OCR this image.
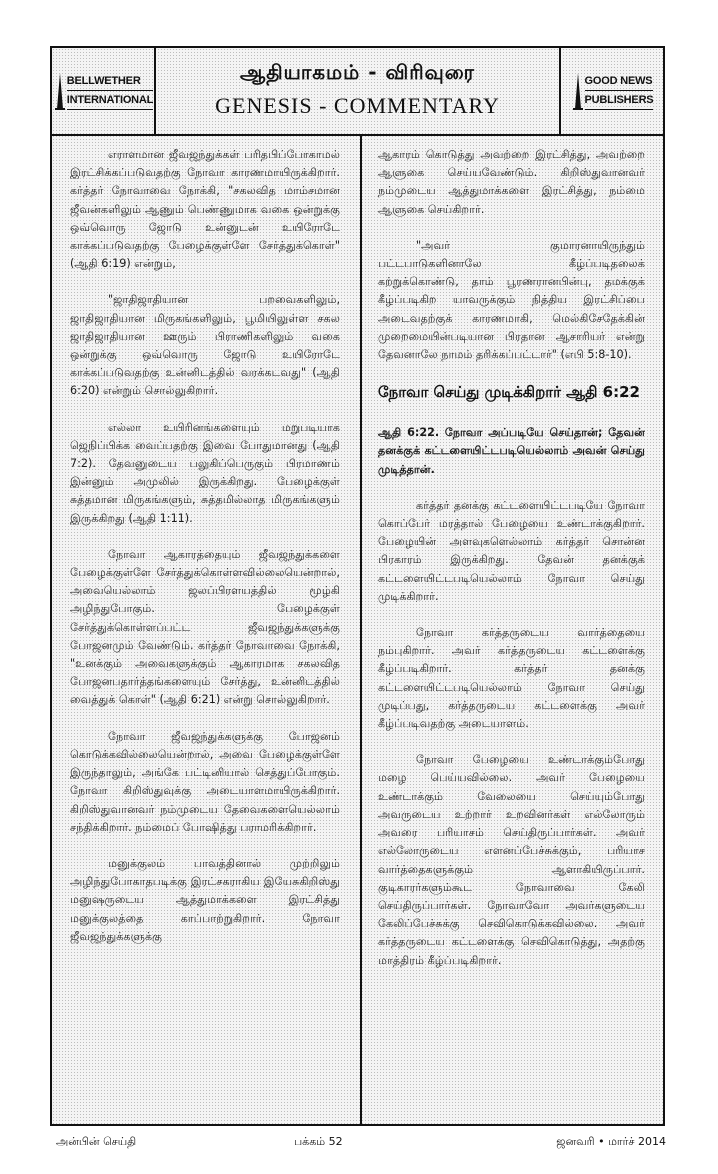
BELLWETHER
INTERNATIONAL
ஆதியாகமம் - விரிவுரை
GENESIS - COMMENTARY
GOOD NEWS
PUBLISHERS

எராளமான ஜீவஜந்துக்கள் பரிதபிப்போகாமல் இரட்சிக்கப்படுவதற்கு நோவா காரணமாயிருக்கிறார். கர்த்தர் நோவாவை நோக்கி, "சகலவித மாம்சமான ஜீவன்களிலும் ஆணும் பெண்ணுமாக வகை ஒன்றுக்கு ஒவ்வொரு ஜோடு உன்னுடன் உயிரோடே காக்கப்படுவதற்கு பேழைக்குள்ளே சேர்த்துக்கொள்" (ஆதி 6:19) என்றும்,

"ஜாதிஜாதியான பறவைகளிலும், ஜாதிஜாதியான மிருகங்களிலும், பூமியிலுள்ள சகல ஜாதிஜாதியான ஊரும் பிராணிகளிலும் வகை ஒன்றுக்கு ஒவ்வொரு ஜோடு உயிரோடே காக்கப்படுவதற்கு உன்னிடத்தில் வரக்கடவது" (ஆதி 6:20) என்றும் சொல்லுகிறார்.

எல்லா உயிரினங்களையும் மறுபடியாக ஜெநிப்பிக்க வைப்பதற்கு இவை போதுமானது (ஆதி 7:2). தேவனுடைய பலுகிப்பெருகும் பிரமாணம் இன்னும் அமுலில் இருக்கிறது. பேழைக்குள் சுத்தமான மிருகங்களும், சுத்தமில்லாத மிருகங்களும் இருக்கிறது (ஆதி 1:11).

நோவா ஆகாரத்தையும் ஜீவஜந்துக்களை பேழைக்குள்ளே சேர்த்துக்கொள்ளவில்லையென்றால், அவையெல்லாம் ஜலப்பிரளயத்தில் மூழ்கி அழிந்துபோகும். பேழைக்குள் சேர்த்துக்கொள்ளப்பட்ட ஜீவஜந்துக்களுக்கு போஜனமும் வேண்டும். கர்த்தர் நோவாவை நோக்கி, "உனக்கும் அவைகளுக்கும் ஆகாரமாக சகலவித போஜனபதார்த்தங்களையும் சேர்த்து, உன்னிடத்தில் வைத்துக் கொள்" (ஆதி 6:21) என்று சொல்லுகிறார்.

நோவா ஜீவஜந்துக்களுக்கு போஜனம் கொடுக்கவில்லையென்றால், அவை பேழைக்குள்ளே இருந்தாலும், அங்கே பட்டினியால் செத்துப்போகும். நோவா கிறிஸ்துவுக்கு அடையாளமாயிருக்கிறார். கிறிஸ்துவானவர் நம்முடைய தேவைகளையெல்லாம் சந்திக்கிறார். நம்மைப் போஷித்து பராமரிக்கிறார்.

மனுக்குலம் பாவத்தினால் முற்றிலும் அழிந்துபோகாதபடிக்கு இரட்சகராகிய இயேசுகிறிஸ்து மனுஷருடைய ஆத்துமாக்களை இரட்சித்து மனுக்குலத்தை காப்பாற்றுகிறார். நோவா ஜீவஜந்துக்களுக்கு

ஆகாரம் கொடுத்து அவற்றை இரட்சித்து, அவற்றை ஆளுகை செய்யவேண்டும். கிறிஸ்துவானவர் நம்முடைய ஆத்துமாக்களை இரட்சித்து, நம்மை ஆளுகை செய்கிறார்.

"அவர் குமாரனாயிருந்தும் பட்டபாடுகளினாலே கீழ்ப்படிதலைக் கற்றுக்கொண்டு, தாம் பூரணரானபின்பு, தமக்குக் கீழ்ப்படிகிற யாவருக்கும் நித்திய இரட்சிப்பை அடைவதற்குக் காரணமாகி, மெல்கிசேதேக்கின் முறைமையின்படியான பிரதான ஆசாரியர் என்று தேவனாலே நாமம் தரிக்கப்பட்டார்" (எபி 5:8-10).

நோவா செய்து முடிக்கிறார் ஆதி 6:22

ஆதி 6:22. நோவா அப்படியே செய்தான்; தேவன் தனக்குக் கட்டளையிட்டபடியெல்லாம் அவன் செய்து முடித்தான்.

கர்த்தர் தனக்கு கட்டளையிட்டபடியே நோவா கொப்பேர் மரத்தால் பேழையை உண்டாக்குகிறார். பேழையின் அளவுகளெல்லாம் கர்த்தர் சொன்ன பிரகாரம் இருக்கிறது. தேவன் தனக்குக் கட்டளையிட்டபடியெல்லாம் நோவா செய்து முடிக்கிறார்.

நோவா கர்த்தருடைய வார்த்தையை நம்புகிறார். அவர் கர்த்தருடைய கட்டளைக்கு கீழ்ப்படிகிறார். கர்த்தர் தனக்கு கட்டளையிட்டபடியெல்லாம் நோவா செய்து முடிப்பது, கர்த்தருடைய கட்டளைக்கு அவர் கீழ்ப்படிவதற்கு அடையாளம்.

நோவா பேழையை உண்டாக்கும்போது மழை பெய்யவில்லை. அவர் பேழையை உண்டாக்கும் வேலையை செய்யும்போது அவருடைய உற்றார் உறவினர்கள் எல்லோரும் அவரை பரியாசம் செய்திருப்பார்கள். அவர் எல்லோருடைய எளனப்பேச்சுக்கும், பரியாச வார்த்தைகளுக்கும் ஆளாகியிருப்பார். குடிகாரர்களும்கூட நோவாவை கேலி செய்திருப்பார்கள். நோவாவோ அவர்களுடைய கேலிப்பேச்சுக்கு செவிகொடுக்கவில்லை. அவர் கர்த்தருடைய கட்டளைக்கு செவிகொடுத்து, அதற்கு மாத்திரம் கீழ்ப்படிகிறார்.

அன்பின் செய்தி	பக்கம் 52	ஜனவரி • மார்ச் 2014
